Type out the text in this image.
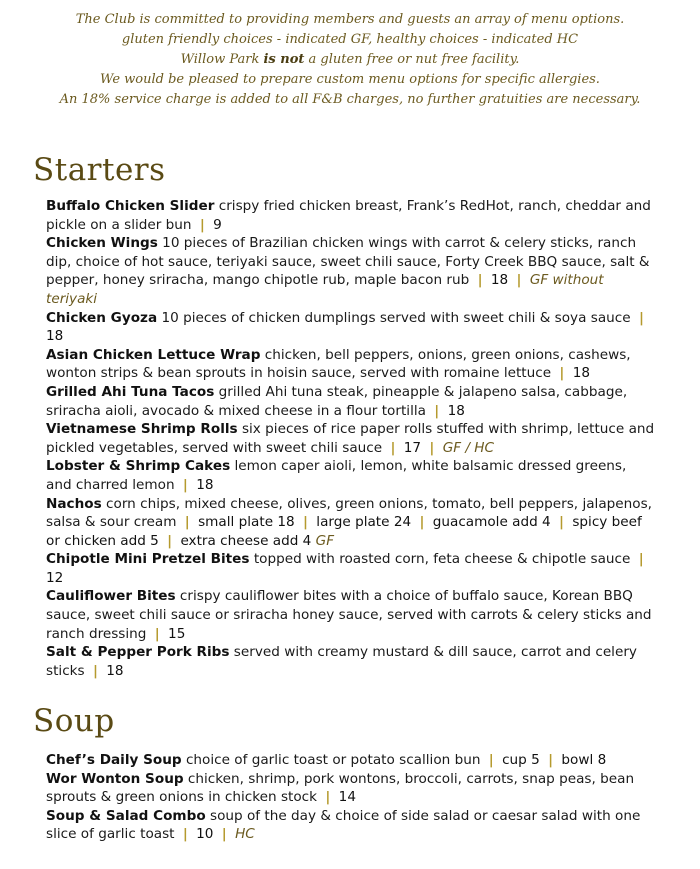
The Club is committed to providing members and guests an array of menu options.
gluten friendly choices - indicated GF, healthy choices - indicated HC
Willow Park is not a gluten free or nut free facility.
We would be pleased to prepare custom menu options for specific allergies.
An 18% service charge is added to all F&B charges, no further gratuities are necessary.
Starters
Buffalo Chicken Slider crispy fried chicken breast, Frank’s RedHot, ranch, cheddar and pickle on a slider bun | 9
Chicken Wings 10 pieces of Brazilian chicken wings with carrot & celery sticks, ranch dip, choice of hot sauce, teriyaki sauce, sweet chili sauce, Forty Creek BBQ sauce, salt & pepper, honey sriracha, mango chipotle rub, maple bacon rub | 18 | GF without teriyaki
Chicken Gyoza 10 pieces of chicken dumplings served with sweet chili & soya sauce | 18
Asian Chicken Lettuce Wrap chicken, bell peppers, onions, green onions, cashews, wonton strips & bean sprouts in hoisin sauce, served with romaine lettuce | 18
Grilled Ahi Tuna Tacos grilled Ahi tuna steak, pineapple & jalapeno salsa, cabbage, sriracha aioli, avocado & mixed cheese in a flour tortilla | 18
Vietnamese Shrimp Rolls six pieces of rice paper rolls stuffed with shrimp, lettuce and pickled vegetables, served with sweet chili sauce | 17 | GF / HC
Lobster & Shrimp Cakes lemon caper aioli, lemon, white balsamic dressed greens, and charred lemon | 18
Nachos corn chips, mixed cheese, olives, green onions, tomato, bell peppers, jalapenos, salsa & sour cream | small plate 18 | large plate 24 | guacamole add 4 | spicy beef or chicken add 5 | extra cheese add 4 GF
Chipotle Mini Pretzel Bites topped with roasted corn, feta cheese & chipotle sauce | 12
Cauliflower Bites crispy cauliflower bites with a choice of buffalo sauce, Korean BBQ sauce, sweet chili sauce or sriracha honey sauce, served with carrots & celery sticks and ranch dressing | 15
Salt & Pepper Pork Ribs served with creamy mustard & dill sauce, carrot and celery sticks | 18
Soup
Chef’s Daily Soup choice of garlic toast or potato scallion bun | cup 5 | bowl 8
Wor Wonton Soup chicken, shrimp, pork wontons, broccoli, carrots, snap peas, bean sprouts & green onions in chicken stock | 14
Soup & Salad Combo soup of the day & choice of side salad or caesar salad with one slice of garlic toast | 10 | HC
